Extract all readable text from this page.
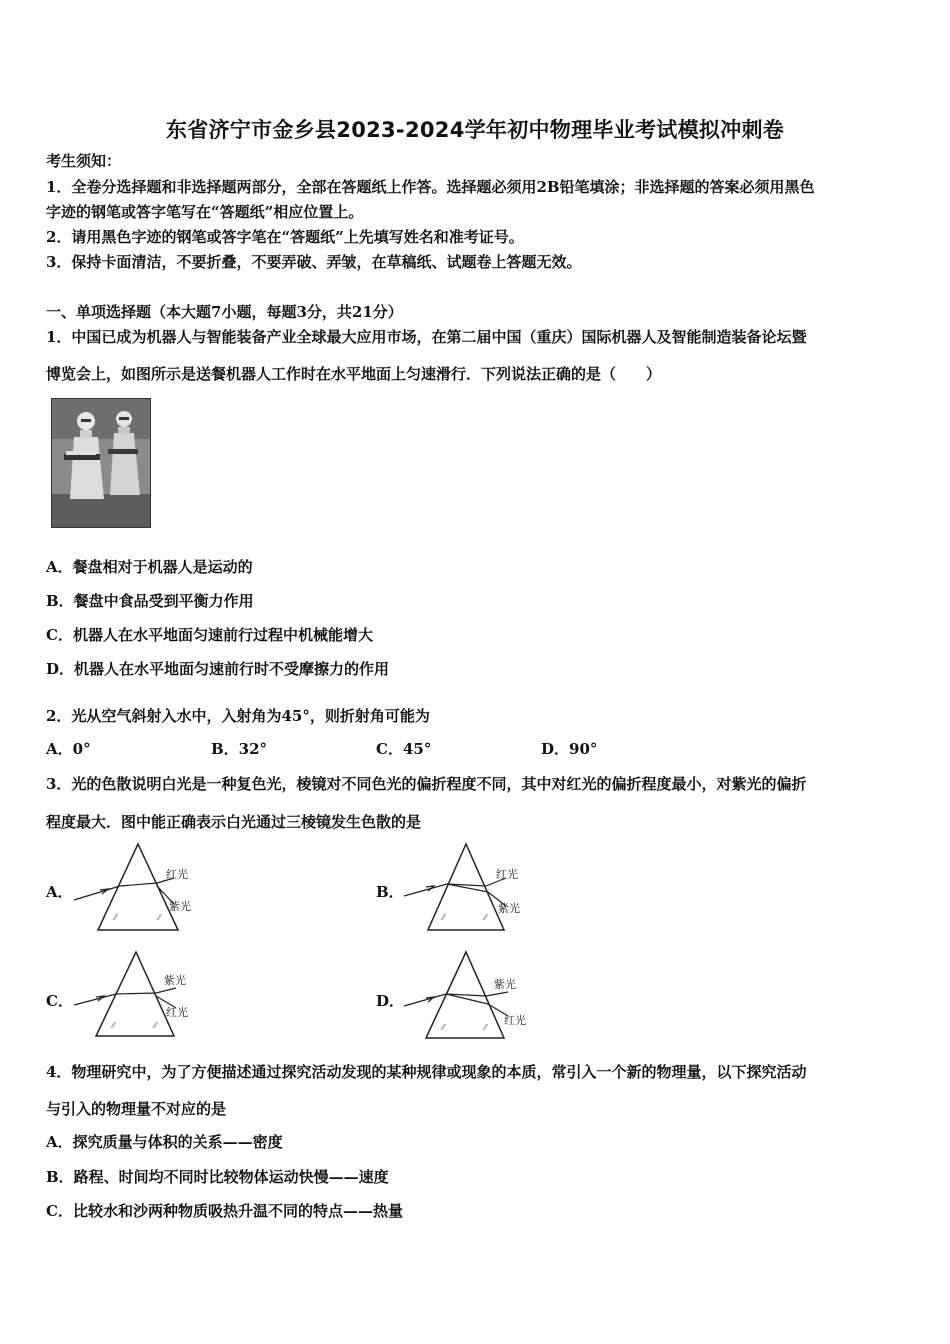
东省济宁市金乡县2023-2024学年初中物理毕业考试模拟冲刺卷
考生须知：
1．全卷分选择题和非选择题两部分，全部在答题纸上作答。选择题必须用2B铅笔填涂；非选择题的答案必须用黑色
字迹的钢笔或答字笔写在“答题纸”相应位置上。
2．请用黑色字迹的钢笔或答字笔在“答题纸”上先填写姓名和准考证号。
3．保持卡面清洁，不要折叠，不要弄破、弄皱，在草稿纸、试题卷上答题无效。
一、单项选择题（本大题7小题，每题3分，共21分）
1．中国已成为机器人与智能装备产业全球最大应用市场，在第二届中国（重庆）国际机器人及智能制造装备论坛暨
博览会上，如图所示是送餐机器人工作时在水平地面上匀速滑行．下列说法正确的是（　　）
A．餐盘相对于机器人是运动的
B．餐盘中食品受到平衡力作用
C．机器人在水平地面匀速前行过程中机械能增大
D．机器人在水平地面匀速前行时不受摩擦力的作用
2．光从空气斜射入水中，入射角为45°，则折射角可能为
A．0°	B．32°	C．45°	D．90°
3．光的色散说明白光是一种复色光，棱镜对不同色光的偏折程度不同，其中对红光的偏折程度最小，对紫光的偏折
程度最大．图中能正确表示白光通过三棱镜发生色散的是
A．
⁄⁄	⁄⁄
红光
紫光
B．
⁄⁄	⁄⁄
红光
紫光
C．
⁄⁄	⁄⁄
紫光
红光
D．
⁄⁄	⁄⁄
紫光
红光
4．物理研究中，为了方便描述通过探究活动发现的某种规律或现象的本质，常引入一个新的物理量，以下探究活动
与引入的物理量不对应的是
A．探究质量与体积的关系——密度
B．路程、时间均不同时比较物体运动快慢——速度
C．比较水和沙两种物质吸热升温不同的特点——热量
